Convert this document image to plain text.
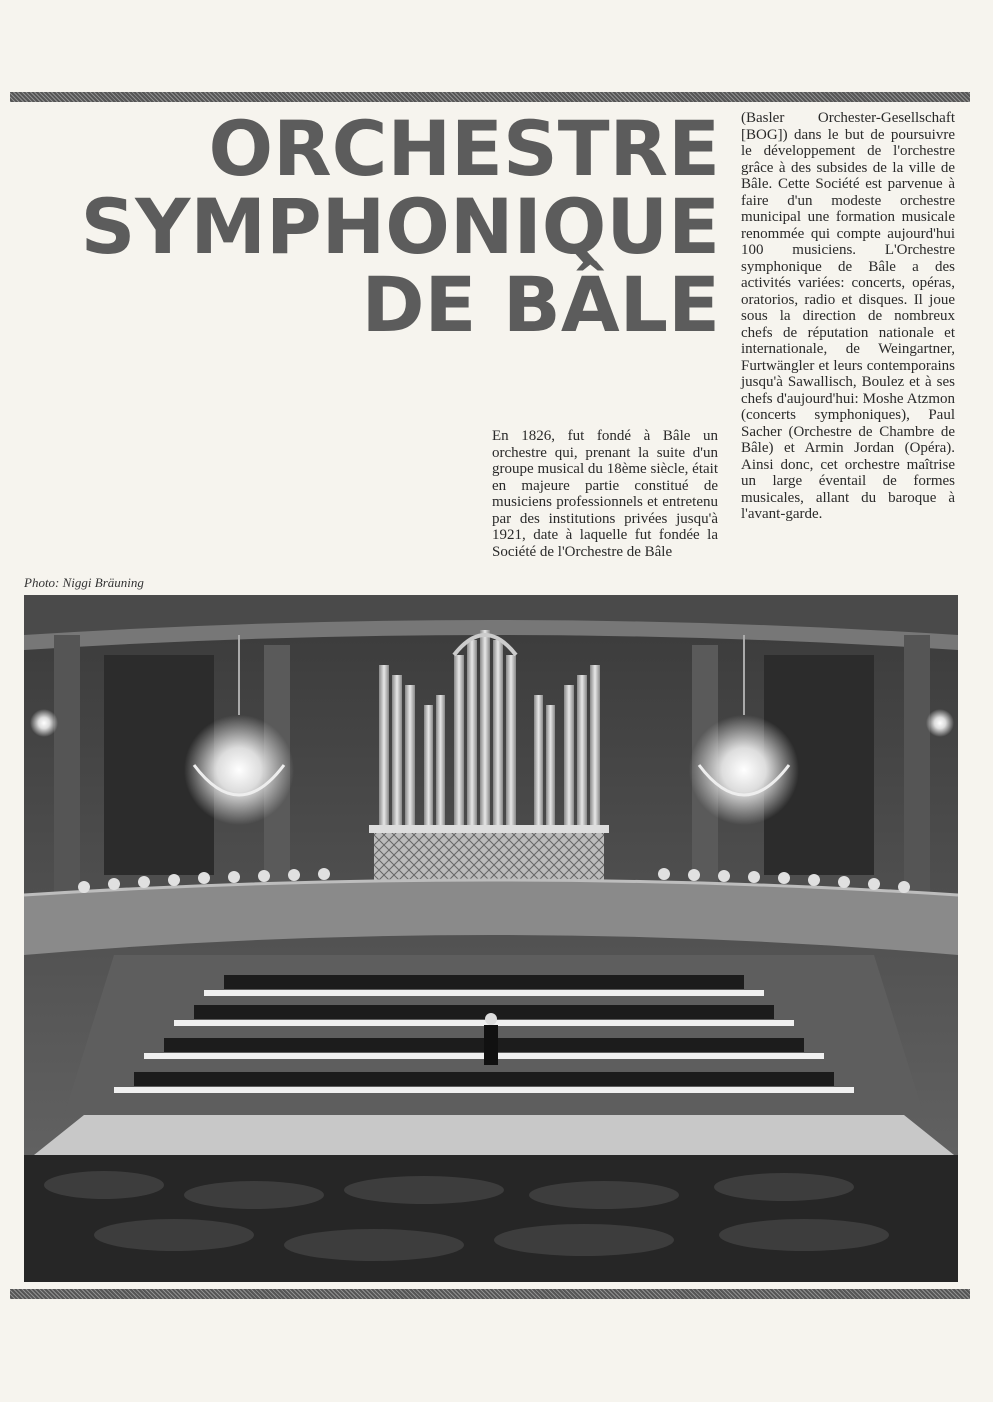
ORCHESTRE
SYMPHONIQUE
DE BÂLE
En 1826, fut fondé à Bâle un orchestre qui, prenant la suite d'un groupe musical du 18ème siècle, était en majeure partie constitué de musiciens professionnels et entretenu par des institutions privées jusqu'à 1921, date à laquelle fut fondée la Société de l'Orchestre de Bâle
(Basler Orchester-Gesellschaft [BOG]) dans le but de poursuivre le développement de l'orchestre grâce à des subsides de la ville de Bâle. Cette Société est parvenue à faire d'un modeste orchestre municipal une formation musicale renommée qui compte aujourd'hui 100 musiciens. L'Orchestre symphonique de Bâle a des activités variées: concerts, opéras, oratorios, radio et disques. Il joue sous la direction de nombreux chefs de réputation nationale et internationale, de Weingartner, Furtwängler et leurs contemporains jusqu'à Sawallisch, Boulez et à ses chefs d'aujourd'hui: Moshe Atzmon (concerts symphoniques), Paul Sacher (Orchestre de Chambre de Bâle) et Armin Jordan (Opéra). Ainsi donc, cet orchestre maîtrise un large éventail de formes musicales, allant du baroque à l'avant-garde.
Photo: Niggi Bräuning
